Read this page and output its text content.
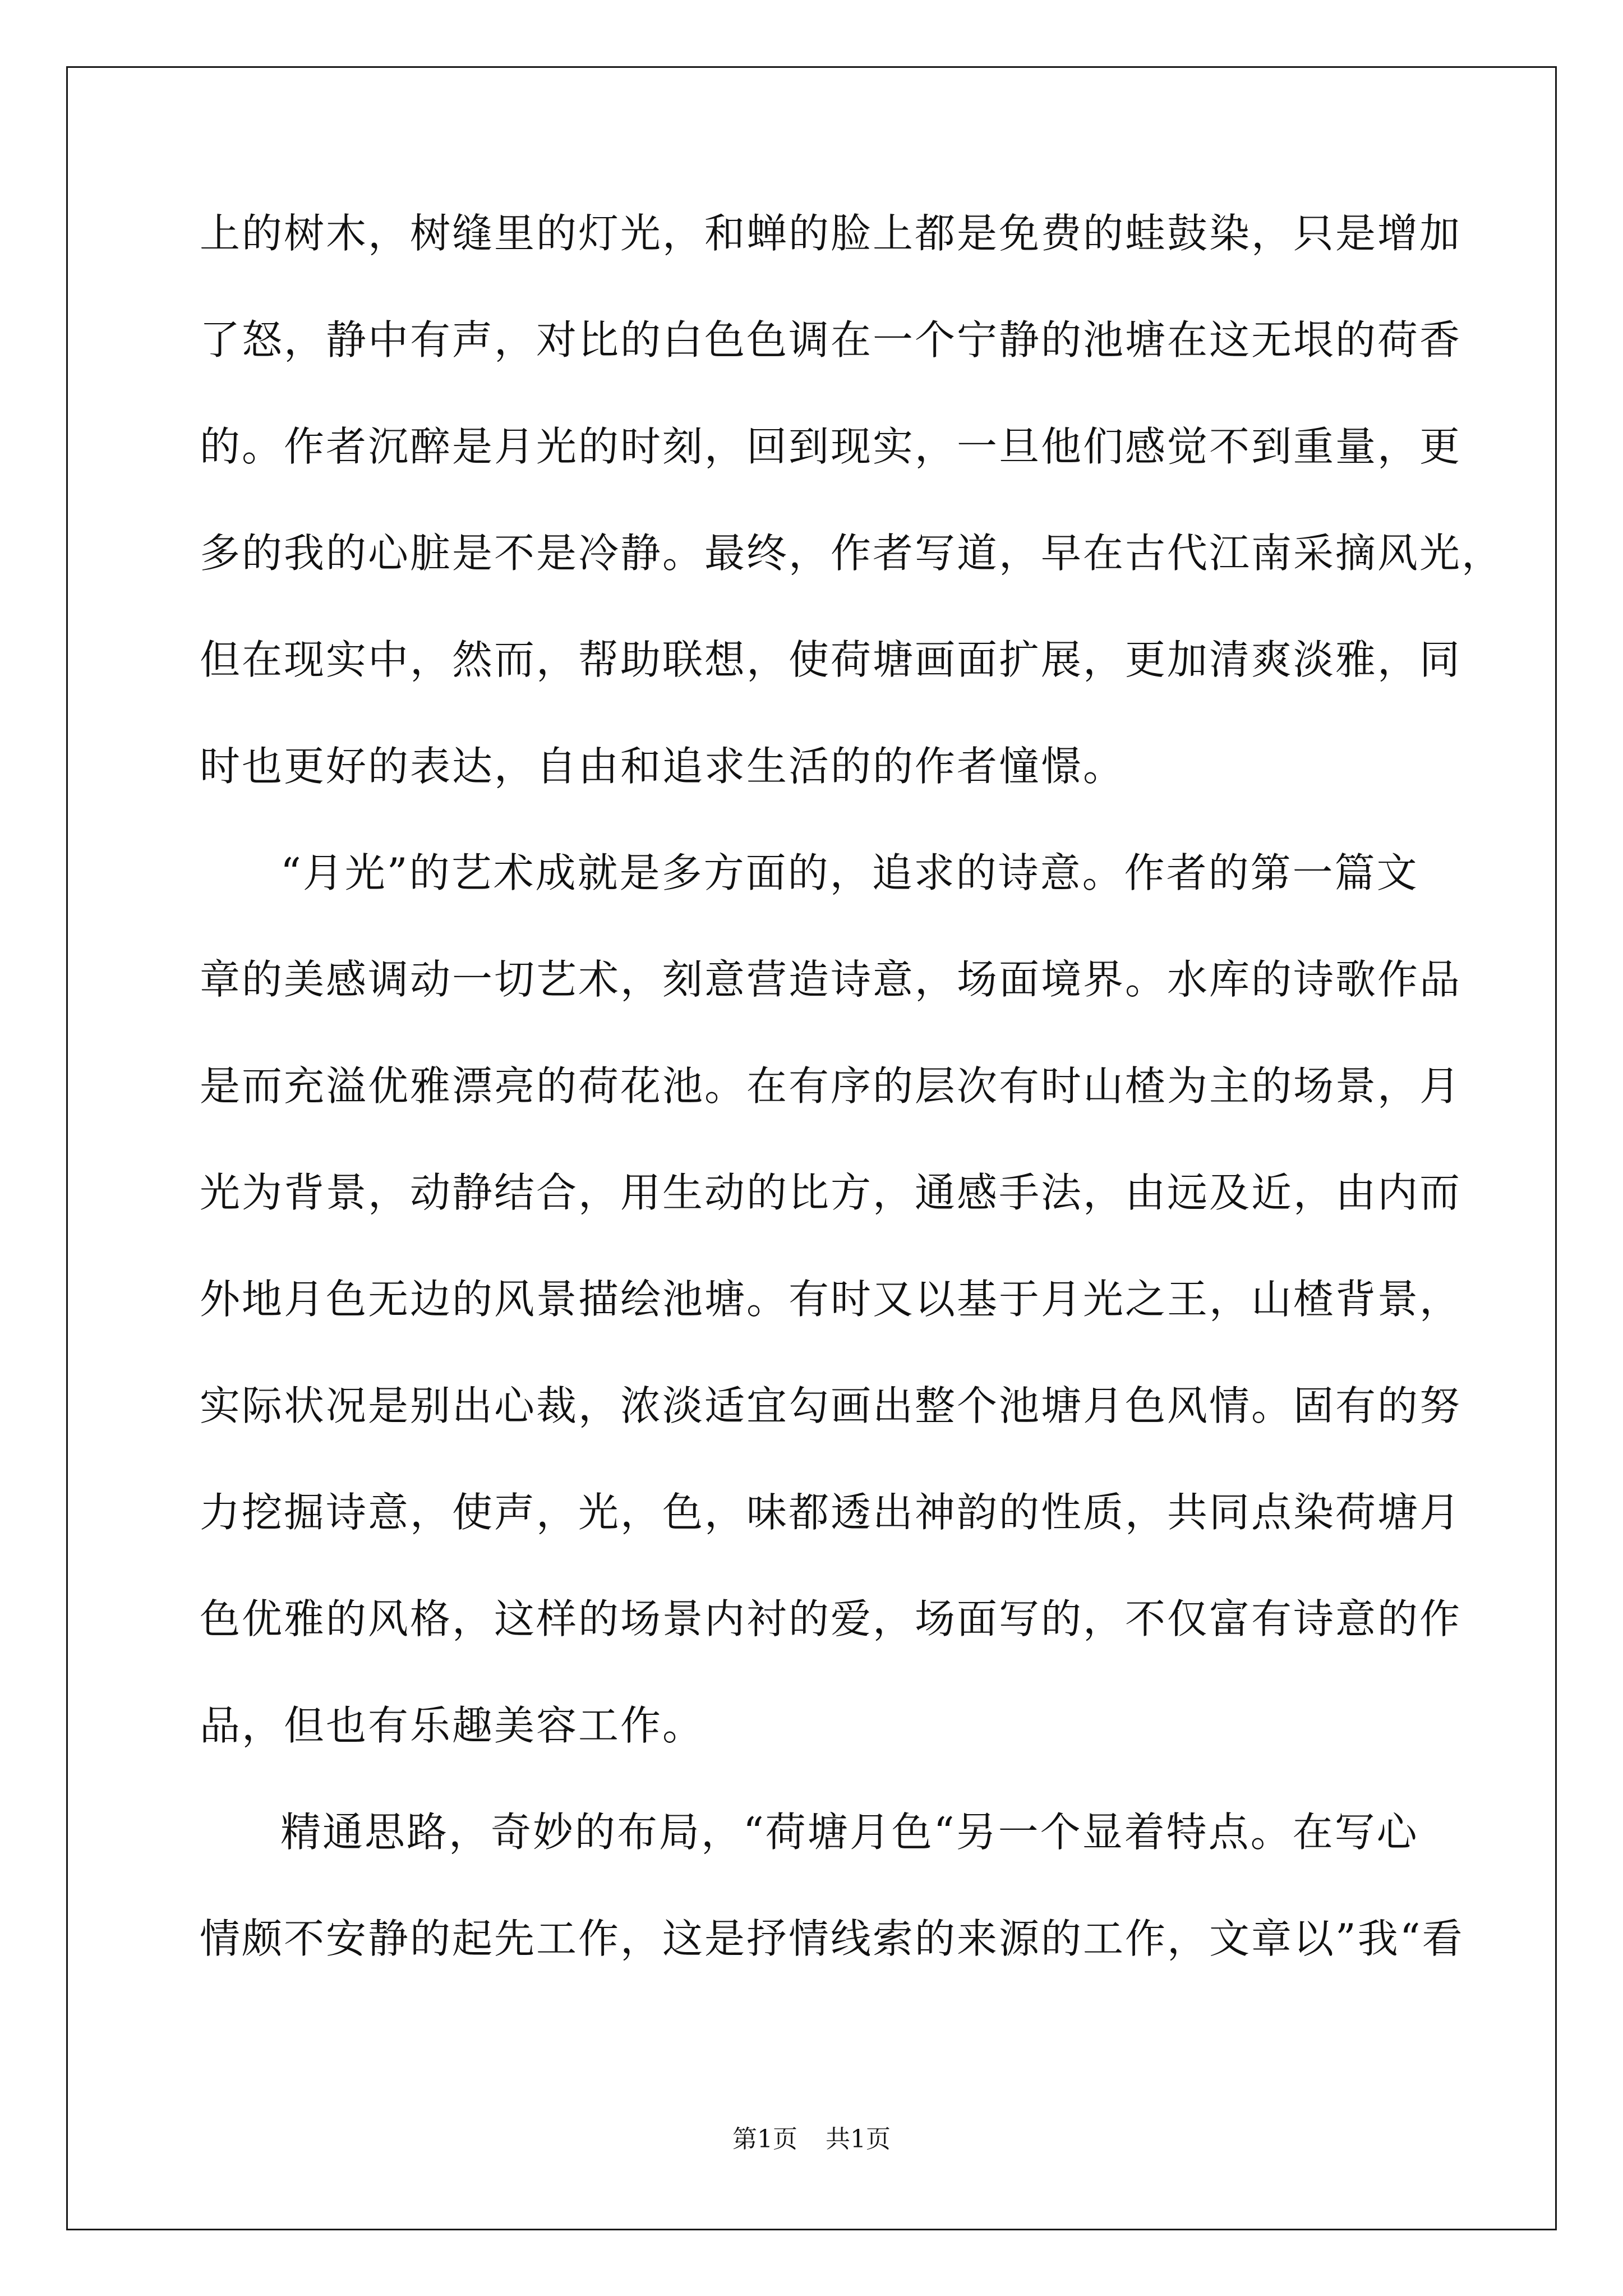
上的树木，树缝里的灯光，和蝉的脸上都是免费的蛙鼓染，只是增加
了怒，静中有声，对比的白色色调在一个宁静的池塘在这无垠的荷香
的。作者沉醉是月光的时刻，回到现实，一旦他们感觉不到重量，更
多的我的心脏是不是冷静。最终，作者写道，早在古代江南采摘风光，
但在现实中，然而，帮助联想，使荷塘画面扩展，更加清爽淡雅，同
时也更好的表达，自由和追求生活的的作者憧憬。
“月光”的艺术成就是多方面的，追求的诗意。作者的第一篇文
章的美感调动一切艺术，刻意营造诗意，场面境界。水库的诗歌作品
是而充溢优雅漂亮的荷花池。在有序的层次有时山楂为主的场景，月
光为背景，动静结合，用生动的比方，通感手法，由远及近，由内而
外地月色无边的风景描绘池塘。有时又以基于月光之王，山楂背景，
实际状况是别出心裁，浓淡适宜勾画出整个池塘月色风情。固有的努
力挖掘诗意，使声，光，色，味都透出神韵的性质，共同点染荷塘月
色优雅的风格，这样的场景内衬的爱，场面写的，不仅富有诗意的作
品，但也有乐趣美容工作。
精通思路，奇妙的布局，“荷塘月色“另一个显着特点。在写心
情颇不安静的起先工作，这是抒情线索的来源的工作，文章以”我“看
第1页 共1页
